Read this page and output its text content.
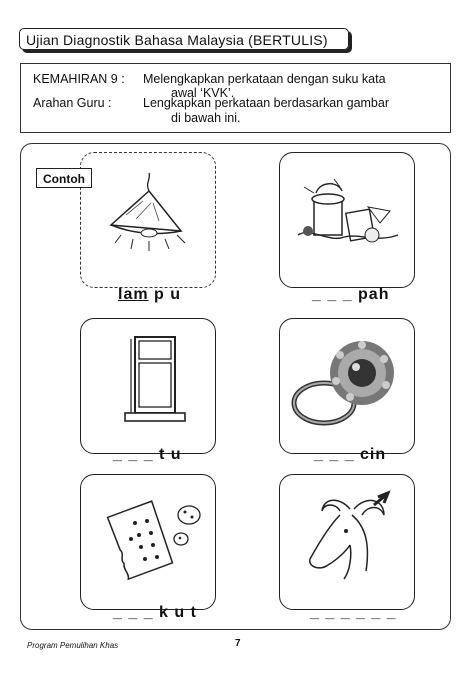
Ujian Diagnostik Bahasa Malaysia (BERTULIS)
KEMAHIRAN 9 : Melengkapkan perkataan dengan suku kata
awal ‘KVK’.
Arahan Guru :	Lengkapkan perkataan berdasarkan gambar
di bawah ini.
Contoh
lam p u	_ _ _ pah
_ _ _ t u	_ _ _ cin
_ _ _ k u t	_ _ _ _ _ _
Program Pemulihan Khas	7
